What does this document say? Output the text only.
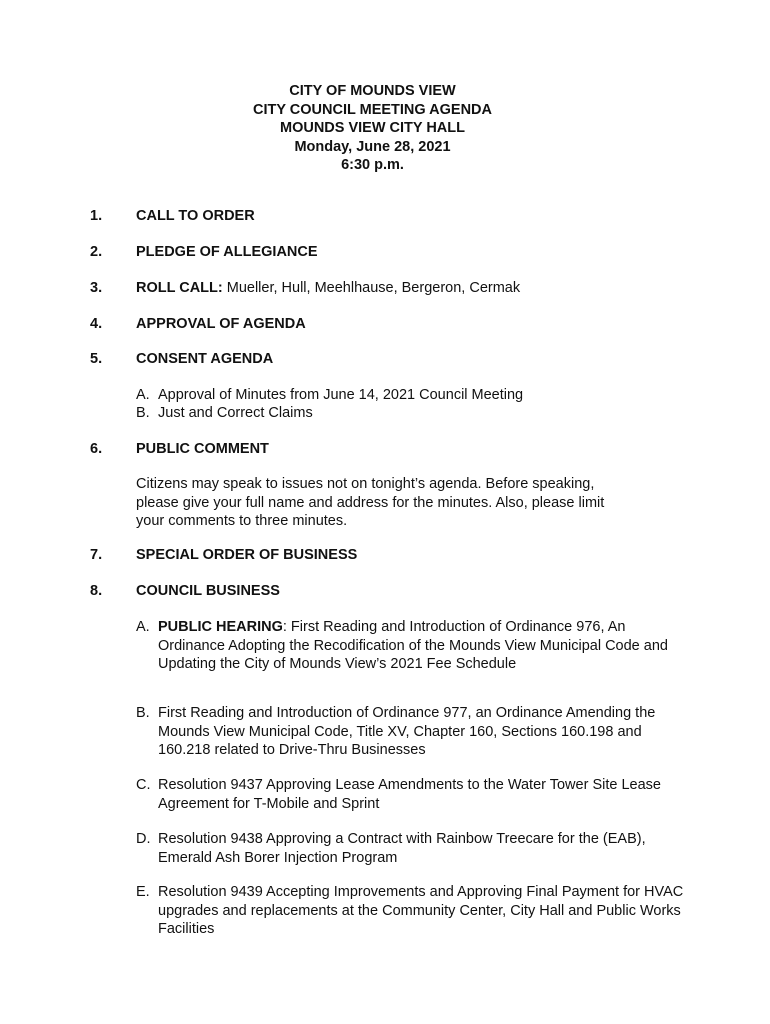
CITY OF MOUNDS VIEW
CITY COUNCIL MEETING AGENDA
MOUNDS VIEW CITY HALL
Monday, June 28, 2021
6:30 p.m.
1. CALL TO ORDER
2. PLEDGE OF ALLEGIANCE
3. ROLL CALL: Mueller, Hull, Meehlhause, Bergeron, Cermak
4. APPROVAL OF AGENDA
5. CONSENT AGENDA
A. Approval of Minutes from June 14, 2021 Council Meeting
B. Just and Correct Claims
6. PUBLIC COMMENT
Citizens may speak to issues not on tonight’s agenda. Before speaking,
please give your full name and address for the minutes. Also, please limit
your comments to three minutes.
7. SPECIAL ORDER OF BUSINESS
8. COUNCIL BUSINESS
A. PUBLIC HEARING: First Reading and Introduction of Ordinance 976, An Ordinance Adopting the Recodification of the Mounds View Municipal Code and Updating the City of Mounds View’s 2021 Fee Schedule
B. First Reading and Introduction of Ordinance 977, an Ordinance Amending the Mounds View Municipal Code, Title XV, Chapter 160, Sections 160.198 and 160.218 related to Drive-Thru Businesses
C. Resolution 9437 Approving Lease Amendments to the Water Tower Site Lease Agreement for T-Mobile and Sprint
D. Resolution 9438 Approving a Contract with Rainbow Treecare for the (EAB), Emerald Ash Borer Injection Program
E. Resolution 9439 Accepting Improvements and Approving Final Payment for HVAC upgrades and replacements at the Community Center, City Hall and Public Works Facilities
